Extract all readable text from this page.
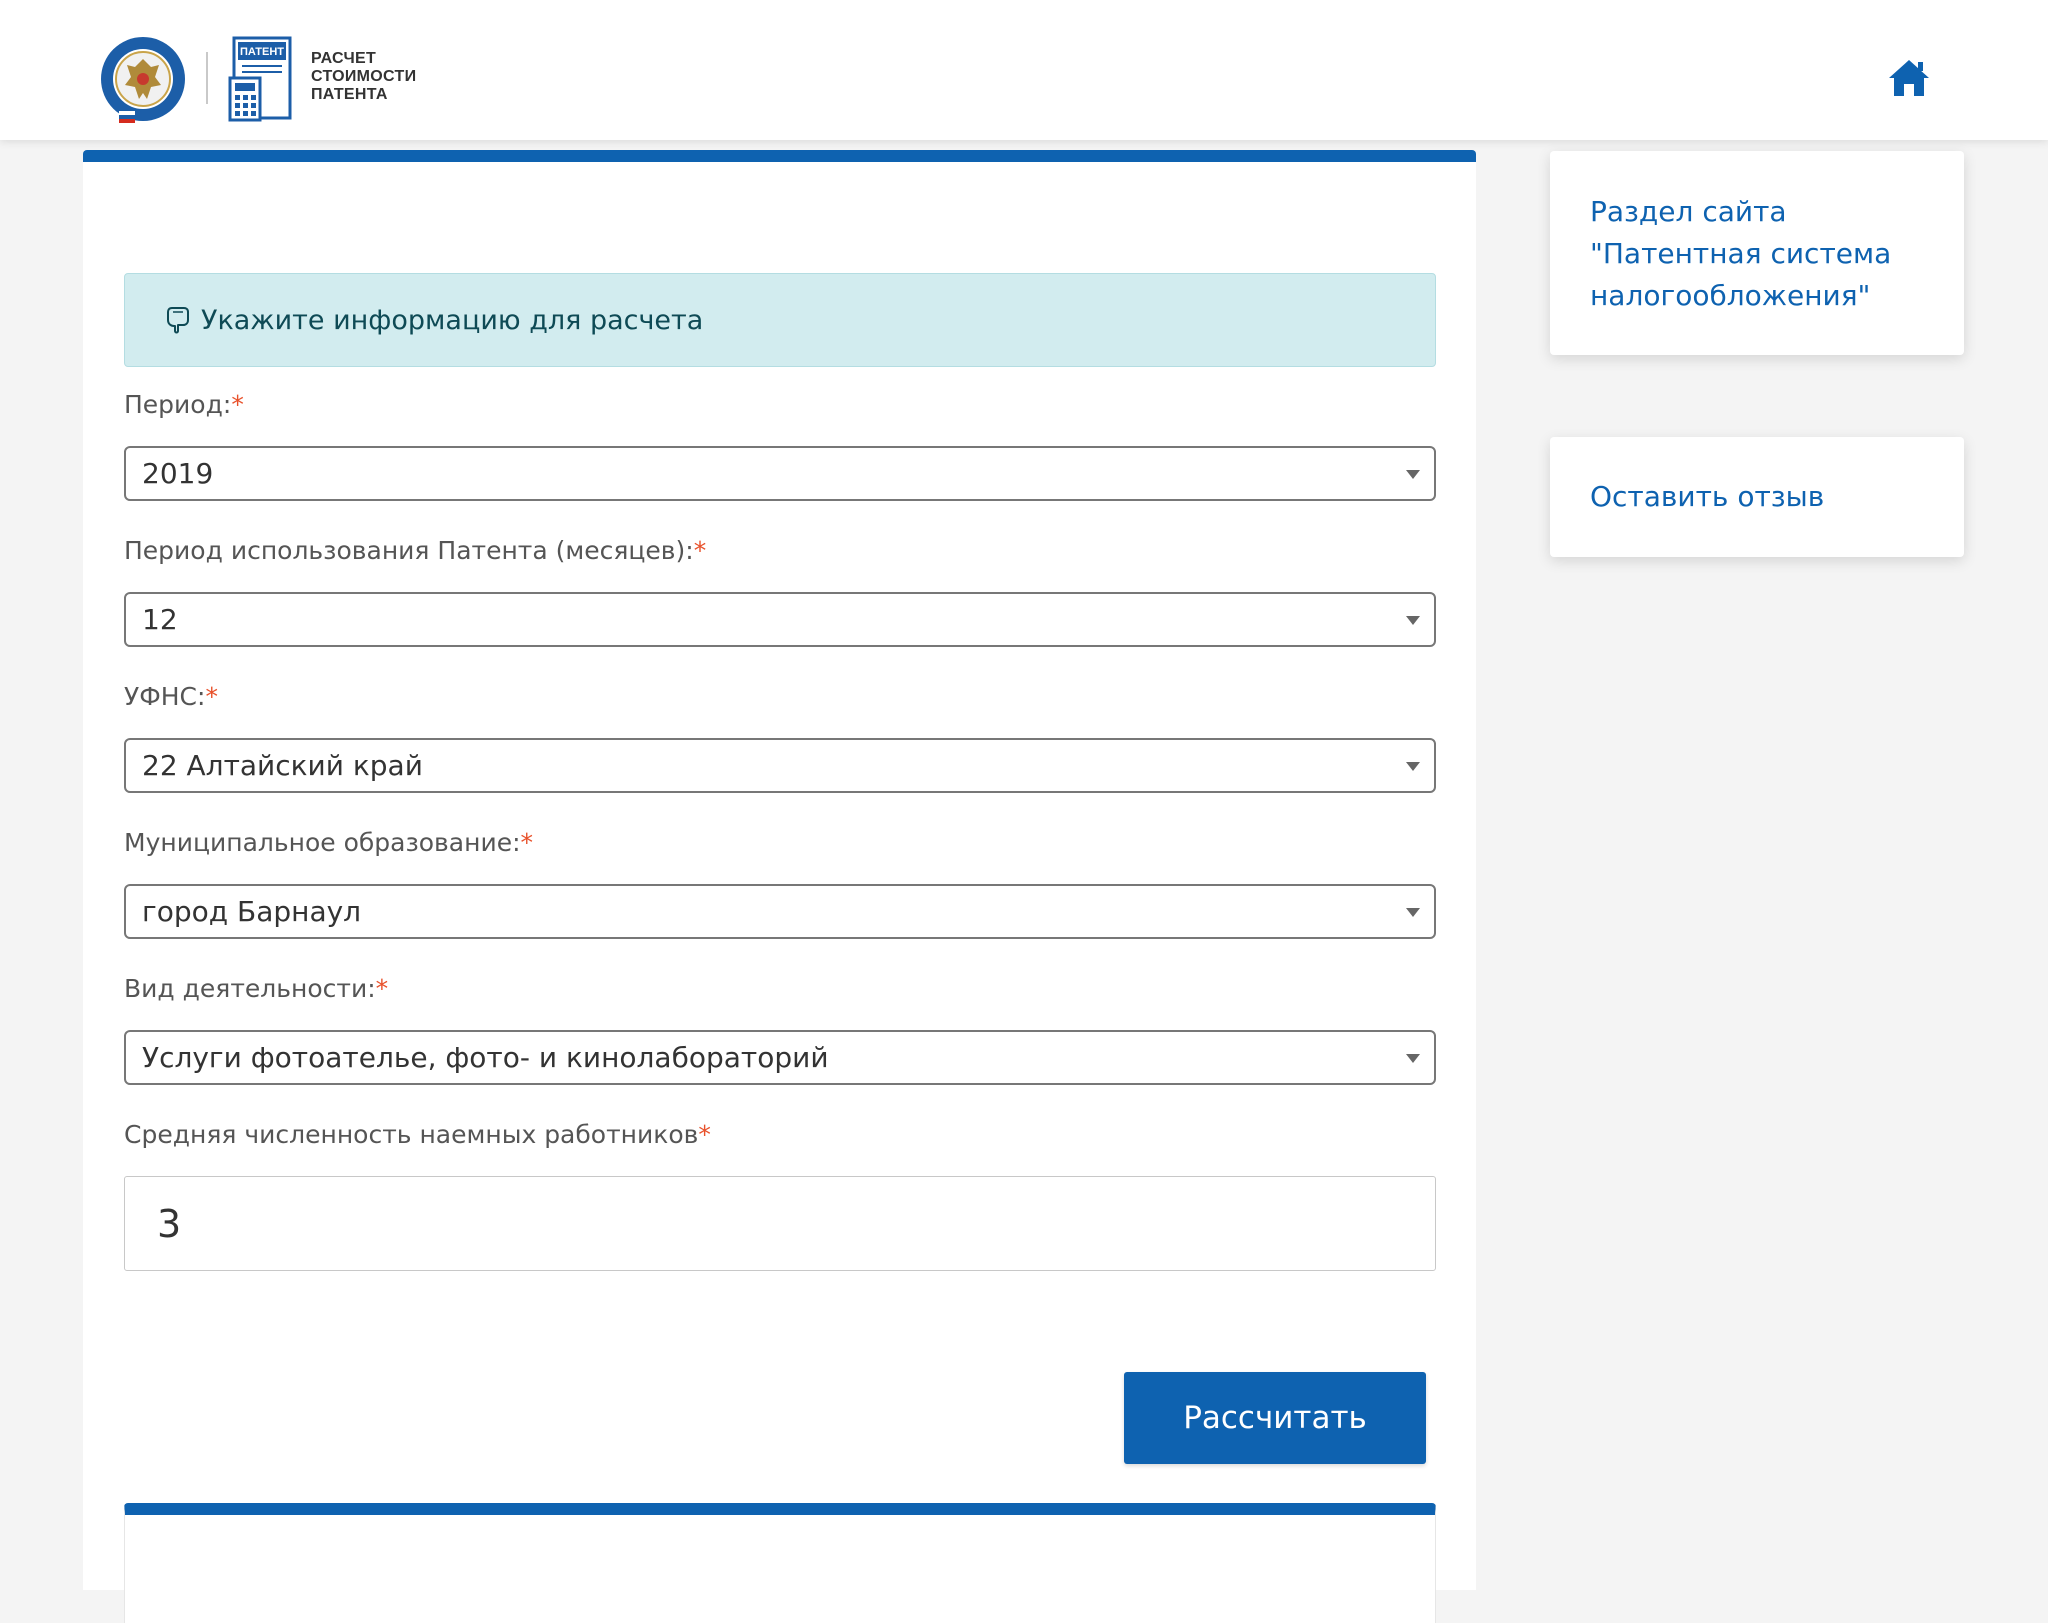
ПАТЕНТ РАСЧЕТ
СТОИМОСТИ
ПАТЕНТА
Укажите информацию для расчета
Период:*
2019
Период использования Патента (месяцев):*
12
УФНС:*
22 Алтайский край
Муниципальное образование:*
город Барнаул
Вид деятельности:*
Услуги фотоателье, фото- и кинолабораторий
Средняя численность наемных работников*
3
Рассчитать
Раздел сайта
"Патентная система
налогообложения"
Оставить отзыв
